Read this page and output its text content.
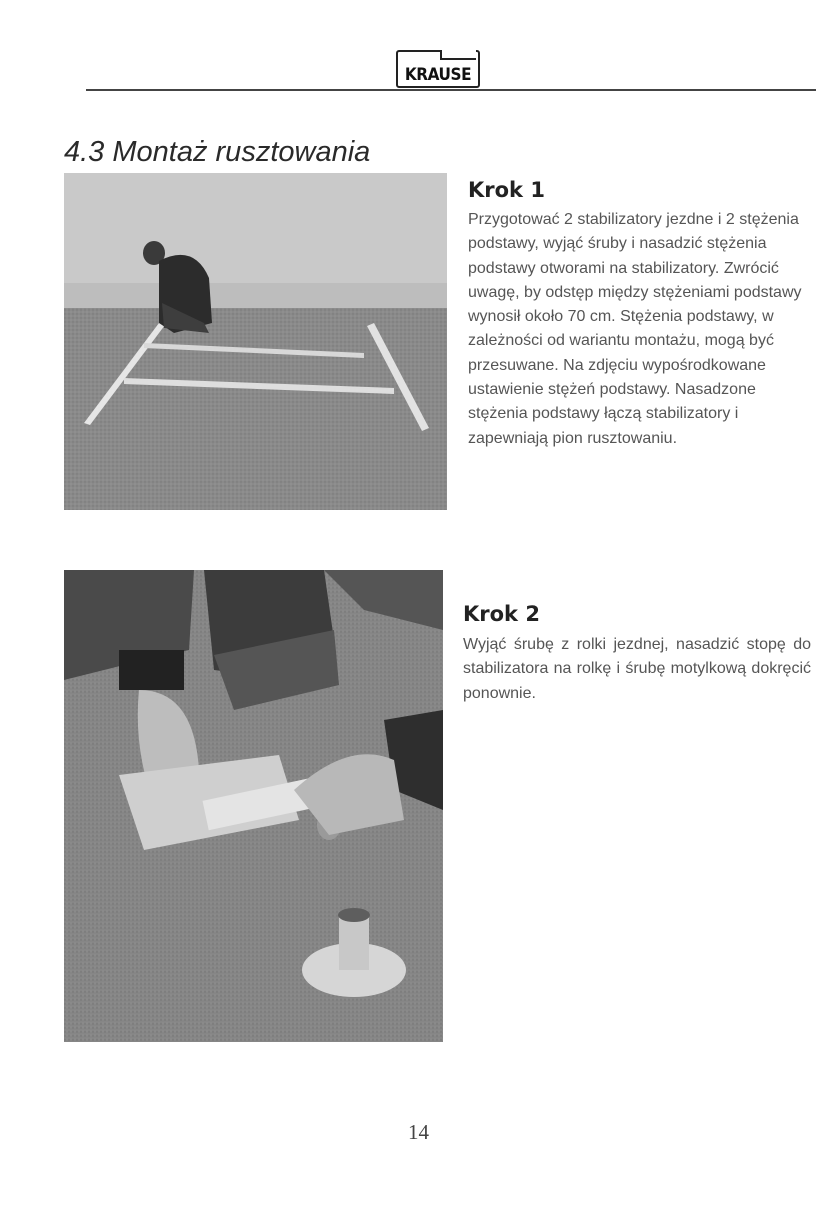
KRAUSE
4.3 Montaż rusztowania
Krok 1

Przygotować 2 stabilizatory jezdne i 2 stężenia podstawy, wyjąć śruby i nasadzić stężenia podstawy otworami na stabilizatory. Zwrócić uwagę, by odstęp między stężeniami podstawy wynosił około 70 cm. Stężenia podstawy, w zależności od wariantu montażu, mogą być przesuwane. Na zdjęciu wypośrodkowane ustawienie stężeń podstawy. Nasadzone stężenia podstawy łączą stabilizatory i zapewniają pion rusztowaniu.

Krok 2

Wyjąć śrubę z rolki jezdnej, nasadzić stopę do stabilizatora na rolkę i śrubę motylkową dokręcić ponownie.

14
